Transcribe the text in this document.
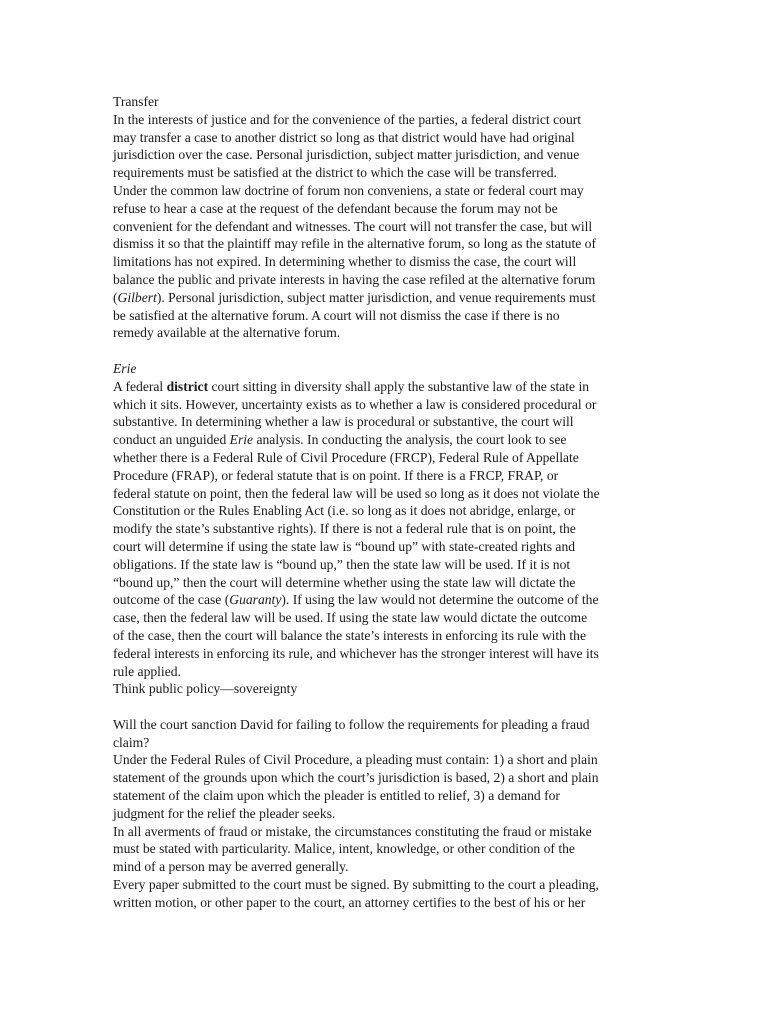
Transfer
In the interests of justice and for the convenience of the parties, a federal district court
may transfer a case to another district so long as that district would have had original
jurisdiction over the case. Personal jurisdiction, subject matter jurisdiction, and venue
requirements must be satisfied at the district to which the case will be transferred.
Under the common law doctrine of forum non conveniens, a state or federal court may
refuse to hear a case at the request of the defendant because the forum may not be
convenient for the defendant and witnesses. The court will not transfer the case, but will
dismiss it so that the plaintiff may refile in the alternative forum, so long as the statute of
limitations has not expired. In determining whether to dismiss the case, the court will
balance the public and private interests in having the case refiled at the alternative forum
(Gilbert). Personal jurisdiction, subject matter jurisdiction, and venue requirements must
be satisfied at the alternative forum. A court will not dismiss the case if there is no
remedy available at the alternative forum.
Erie
A federal district court sitting in diversity shall apply the substantive law of the state in
which it sits. However, uncertainty exists as to whether a law is considered procedural or
substantive. In determining whether a law is procedural or substantive, the court will
conduct an unguided Erie analysis. In conducting the analysis, the court look to see
whether there is a Federal Rule of Civil Procedure (FRCP), Federal Rule of Appellate
Procedure (FRAP), or federal statute that is on point. If there is a FRCP, FRAP, or
federal statute on point, then the federal law will be used so long as it does not violate the
Constitution or the Rules Enabling Act (i.e. so long as it does not abridge, enlarge, or
modify the state’s substantive rights). If there is not a federal rule that is on point, the
court will determine if using the state law is “bound up” with state-created rights and
obligations. If the state law is “bound up,” then the state law will be used. If it is not
“bound up,” then the court will determine whether using the state law will dictate the
outcome of the case (Guaranty). If using the law would not determine the outcome of the
case, then the federal law will be used. If using the state law would dictate the outcome
of the case, then the court will balance the state’s interests in enforcing its rule with the
federal interests in enforcing its rule, and whichever has the stronger interest will have its
rule applied.
Think public policy—sovereignty
Will the court sanction David for failing to follow the requirements for pleading a fraud
claim?
Under the Federal Rules of Civil Procedure, a pleading must contain: 1) a short and plain
statement of the grounds upon which the court’s jurisdiction is based, 2) a short and plain
statement of the claim upon which the pleader is entitled to relief, 3) a demand for
judgment for the relief the pleader seeks.
In all averments of fraud or mistake, the circumstances constituting the fraud or mistake
must be stated with particularity. Malice, intent, knowledge, or other condition of the
mind of a person may be averred generally.
Every paper submitted to the court must be signed. By submitting to the court a pleading,
written motion, or other paper to the court, an attorney certifies to the best of his or her
